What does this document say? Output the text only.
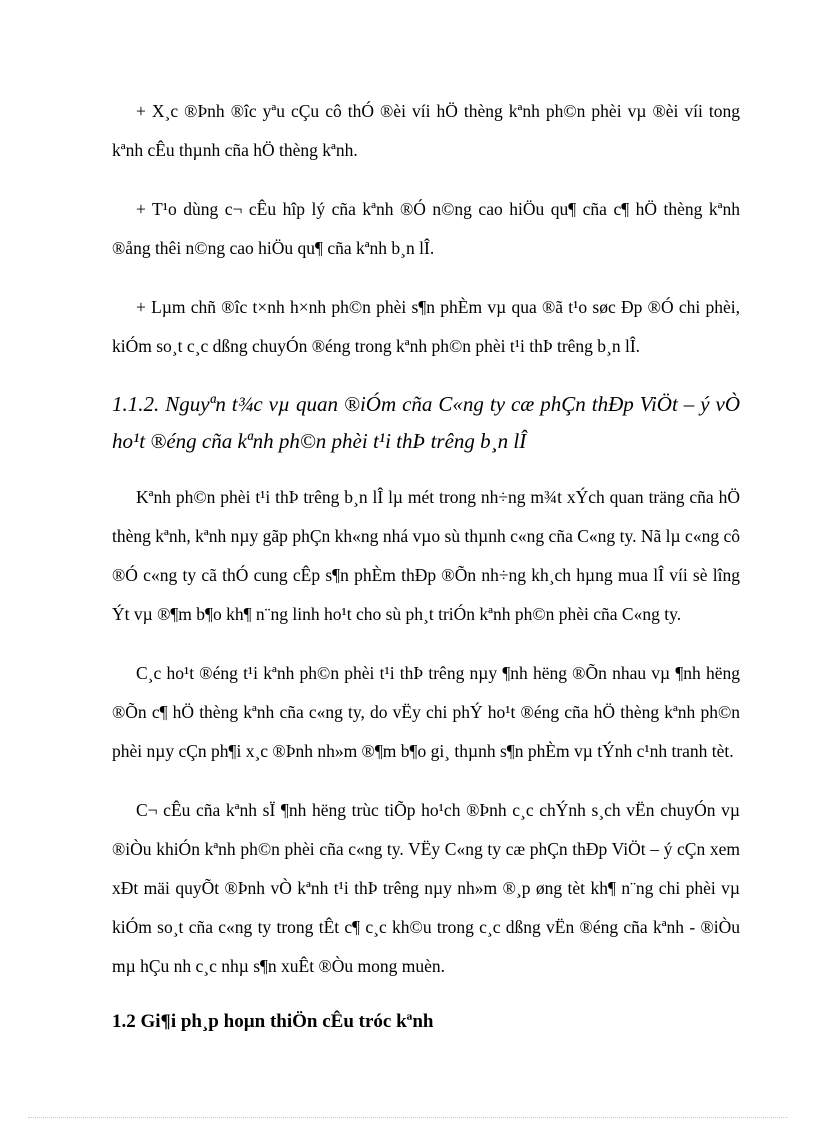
+ X¸c ®Þnh ®îc yªu cÇu cô thÓ ®èi víi hÖ thèng kªnh ph©n phèi vµ ®èi víi tong kªnh cÊu thµnh cña hÖ thèng kªnh.

+ T¹o dùng c¬ cÊu hîp lý cña kªnh ®Ó n©ng cao hiÖu qu¶ cña c¶ hÖ thèng kªnh ®ång thêi n©ng cao hiÖu qu¶ cña kªnh b¸n lÎ.

+ Lµm chñ ®îc t×nh h×nh ph©n phèi s¶n phÈm vµ qua ®ã t¹o søc Ðp ®Ó chi phèi, kiÓm so¸t c¸c dßng chuyÓn ®éng trong kªnh ph©n phèi t¹i thÞ trêng b¸n lÎ.

1.1.2. Nguyªn t¾c vµ quan ®iÓm cña C«ng ty cæ phÇn thÐp ViÖt – ý vÒ ho¹t ®éng cña kªnh ph©n phèi t¹i thÞ trêng b¸n lÎ

Kªnh ph©n phèi t¹i thÞ trêng b¸n lÎ lµ mét trong nh÷ng m¾t xÝch quan träng cña hÖ thèng kªnh, kªnh nµy gãp phÇn kh«ng nhá vµo sù thµnh c«ng cña C«ng ty. Nã lµ c«ng cô ®Ó c«ng ty cã thÓ cung cÊp s¶n phÈm thÐp ®Õn nh÷ng kh¸ch hµng mua lÎ víi sè lîng Ýt vµ ®¶m b¶o kh¶ n¨ng linh ho¹t cho sù ph¸t triÓn kªnh ph©n phèi cña C«ng ty.

C¸c ho¹t ®éng t¹i kªnh ph©n phèi t¹i thÞ trêng nµy ¶nh hëng ®Õn nhau vµ ¶nh hëng ®Õn c¶ hÖ thèng kªnh cña c«ng ty, do vËy chi phÝ ho¹t ®éng cña hÖ thèng kªnh ph©n phèi nµy cÇn ph¶i x¸c ®Þnh nh»m ®¶m b¶o gi¸ thµnh s¶n phÈm vµ tÝnh c¹nh tranh tèt.

C¬ cÊu cña kªnh sÏ ¶nh hëng trùc tiÕp ho¹ch ®Þnh c¸c chÝnh s¸ch vËn chuyÓn vµ ®iÒu khiÓn kªnh ph©n phèi cña c«ng ty. VËy C«ng ty cæ phÇn thÐp ViÖt – ý cÇn xem xÐt mäi quyÕt ®Þnh vÒ kªnh t¹i thÞ trêng nµy nh»m ®¸p øng tèt kh¶ n¨ng chi phèi vµ kiÓm so¸t cña c«ng ty trong tÊt c¶ c¸c kh©u trong c¸c dßng vËn ®éng cña kªnh - ®iÒu mµ hÇu nh c¸c nhµ s¶n xuÊt ®Òu mong muèn.

1.2 Gi¶i ph¸p hoµn thiÖn cÊu tróc kªnh
